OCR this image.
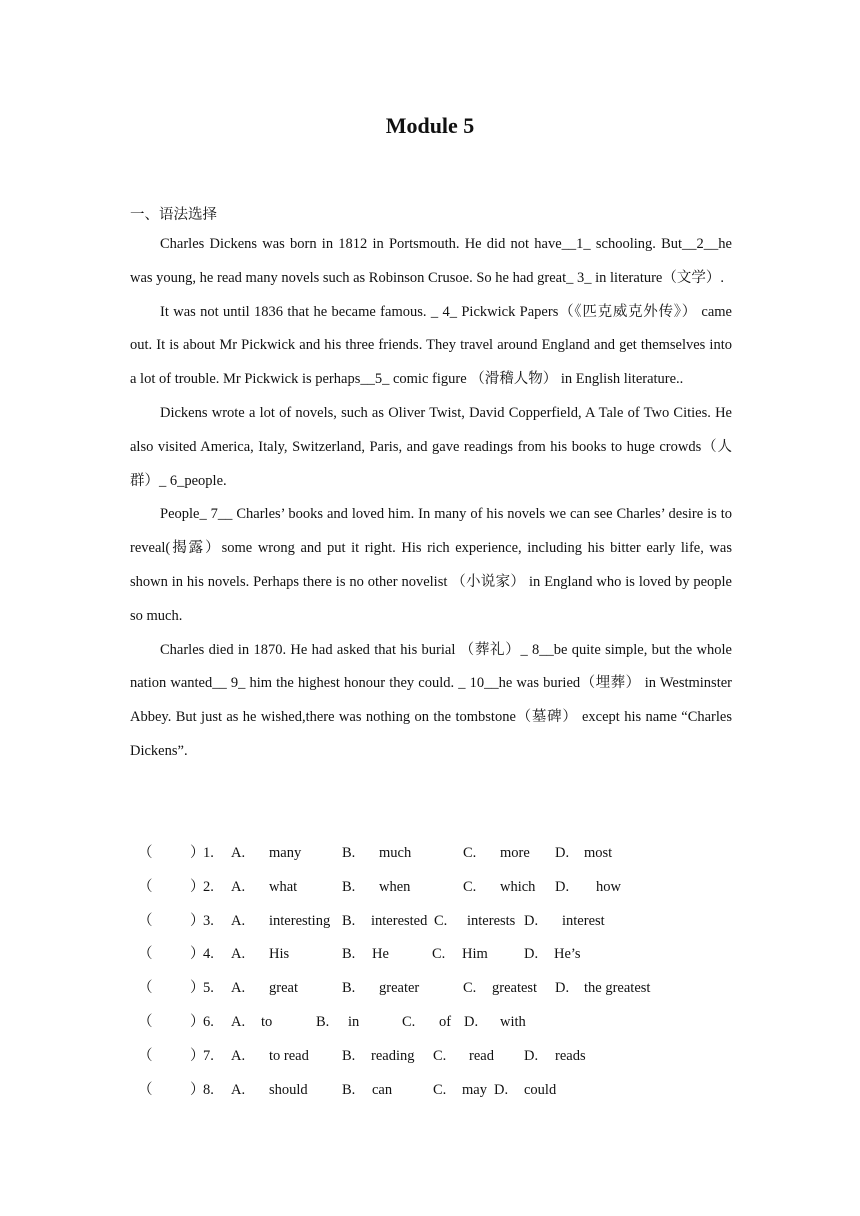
Module 5
一、语法选择

Charles Dickens was born in 1812 in Portsmouth. He did not have__1_ schooling. But__2__he was young, he read many novels such as Robinson Crusoe. So he had great_ 3_ in literature（文学）.

It was not until 1836 that he became famous. _ 4_ Pickwick Papers（《匹克威克外传》） came out. It is about Mr Pickwick and his three friends. They travel around England and get themselves into a lot of trouble. Mr Pickwick is perhaps__5_ comic figure （滑稽人物） in English literature..

Dickens wrote a lot of novels, such as Oliver Twist, David Copperfield, A Tale of Two Cities. He also visited America, Italy, Switzerland, Paris, and gave readings from his books to huge crowds（人群）_ 6_people.

People_ 7__ Charles’ books and loved him. In many of his novels we can see Charles’ desire is to reveal(揭露）some wrong and put it right. His rich experience, including his bitter early life, was shown in his novels. Perhaps there is no other novelist （小说家） in England who is loved by people so much.

Charles died in 1870. He had asked that his burial （葬礼）_ 8__be quite simple, but the whole nation wanted__ 9_ him the highest honour they could. _ 10__he was buried（埋葬） in Westminster Abbey. But just as he wished,there was nothing on the tombstone（墓碑） except his name “Charles Dickens”.

（	）
1. A. many	B. much	C. more D. most
（	）
2. A. what	B. when	C. which D. how
（	）
3. A. interesting B. interested C. interests D. interest
（	）
4. A. His	B. He	C. Him D. He’s
（	）
5. A. great	B. greater	C. greatest D. the greatest
（	）
6. A. to	B. in	C. of D. with
（	）
7. A. to read B. reading C. read D. reads
（	）
8. A. should B. can	C. may D. could
